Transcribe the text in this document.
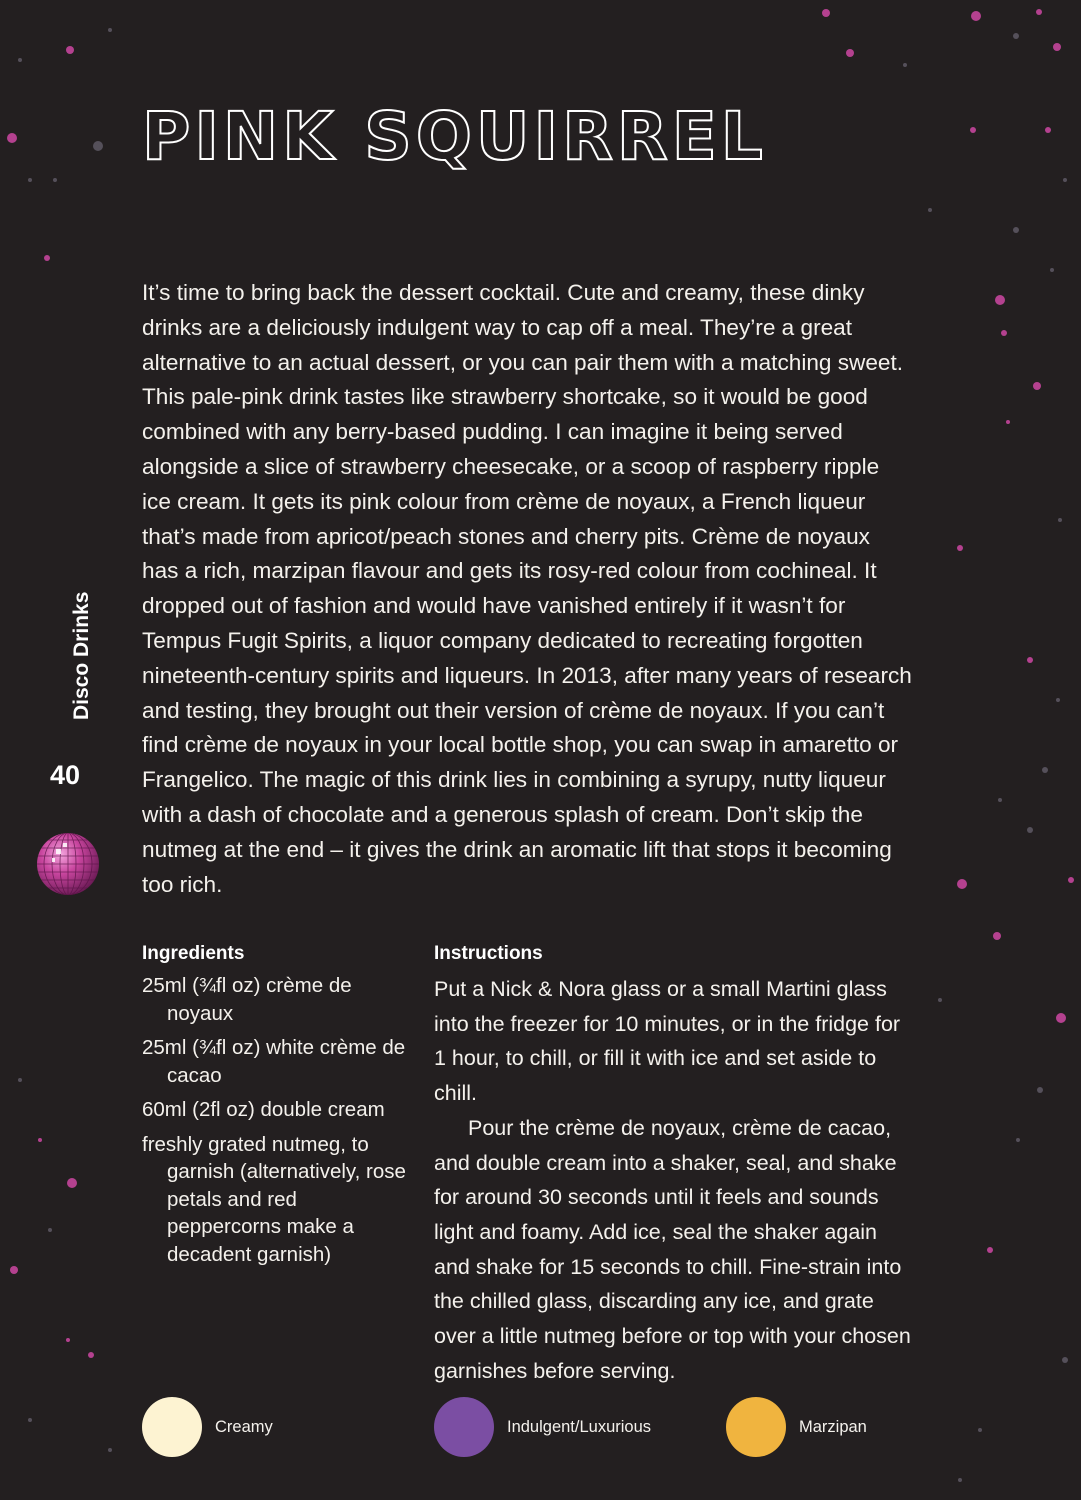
PINK SQUIRREL

It’s time to bring back the dessert cocktail. Cute and creamy, these dinky drinks are a deliciously indulgent way to cap off a meal. They’re a great alternative to an actual dessert, or you can pair them with a matching sweet. This pale-pink drink tastes like strawberry shortcake, so it would be good combined with any berry-based pudding. I can imagine it being served alongside a slice of strawberry cheesecake, or a scoop of raspberry ripple ice cream. It gets its pink colour from crème de noyaux, a French liqueur that’s made from apricot/peach stones and cherry pits. Crème de noyaux has a rich, marzipan flavour and gets its rosy-red colour from cochineal. It dropped out of fashion and would have vanished entirely if it wasn’t for Tempus Fugit Spirits, a liquor company dedicated to recreating forgotten nineteenth-century spirits and liqueurs. In 2013, after many years of research and testing, they brought out their version of crème de noyaux. If you can’t find crème de noyaux in your local bottle shop, you can swap in amaretto or Frangelico. The magic of this drink lies in combining a syrupy, nutty liqueur with a dash of chocolate and a generous splash of cream. Don’t skip the nutmeg at the end – it gives the drink an aromatic lift that stops it becoming too rich.

Disco Drinks
40
Ingredients
25ml (¾fl oz) crème de noyaux
25ml (¾fl oz) white crème de cacao
60ml (2fl oz) double cream
freshly grated nutmeg, to garnish (alternatively, rose petals and red peppercorns make a decadent garnish)
Instructions

Put a Nick & Nora glass or a small Martini glass into the freezer for 10 minutes, or in the fridge for 1 hour, to chill, or fill it with ice and set aside to chill.

Pour the crème de noyaux, crème de cacao, and double cream into a shaker, seal, and shake for around 30 seconds until it feels and sounds light and foamy. Add ice, seal the shaker again and shake for 15 seconds to chill. Fine-strain into the chilled glass, discarding any ice, and grate over a little nutmeg before or top with your chosen garnishes before serving.

Creamy	Indulgent/Luxurious	Marzipan
